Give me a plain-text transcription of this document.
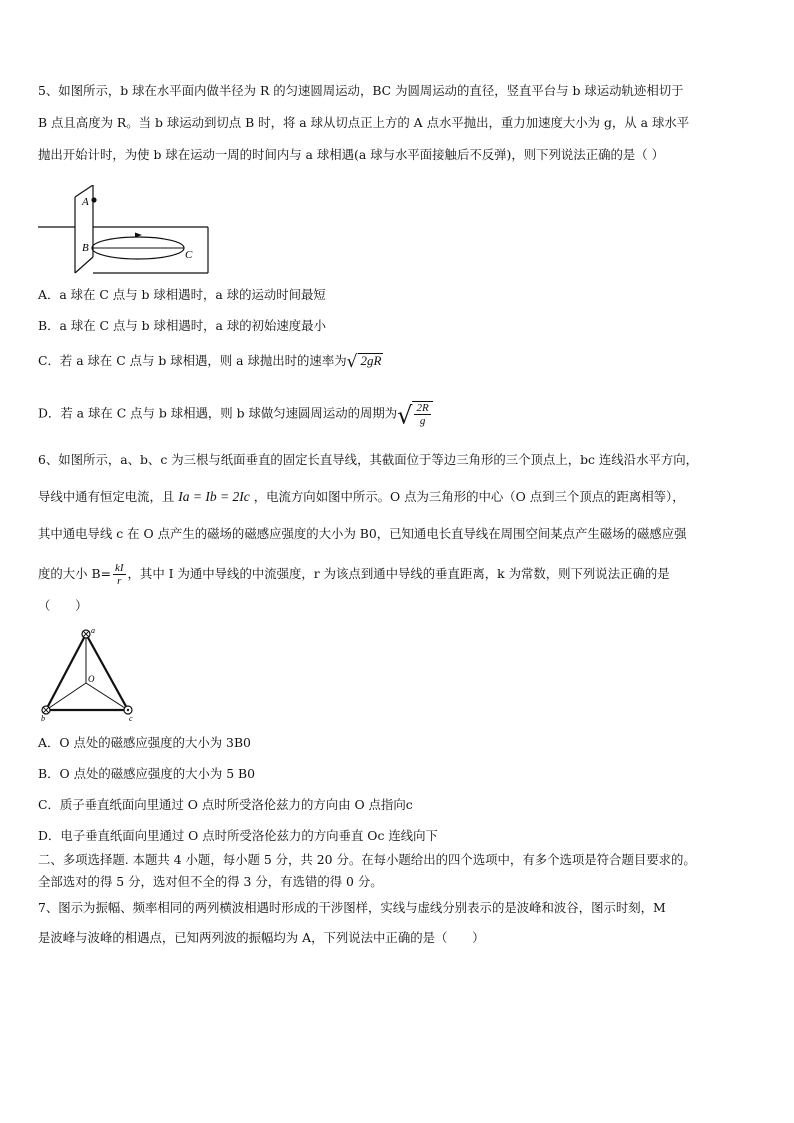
5、如图所示，b 球在水平面内做半径为 R 的匀速圆周运动，BC 为圆周运动的直径，竖直平台与 b 球运动轨迹相切于
B 点且高度为 R。当 b 球运动到切点 B 时，将 a 球从切点正上方的 A 点水平抛出，重力加速度大小为 g，从 a 球水平
抛出开始计时，为使 b 球在运动一周的时间内与 a 球相遇(a 球与水平面接触后不反弹)，则下列说法正确的是（ ）
A
B
C
A．a 球在 C 点与 b 球相遇时，a 球的运动时间最短
B．a 球在 C 点与 b 球相遇时，a 球的初始速度最小
C．若 a 球在 C 点与 b 球相遇，则 a 球抛出时的速率为√ 2gR
D．若 a 球在 C 点与 b 球相遇，则 b 球做匀速圆周运动的周期为√ $\frac{2R}{g}$
6、如图所示，a、b、c 为三根与纸面垂直的固定长直导线，其截面位于等边三角形的三个顶点上，bc 连线沿水平方向，
导线中通有恒定电流，且 Ia = Ib = 2Ic ，电流方向如图中所示。O 点为三角形的中心（O 点到三个顶点的距离相等），
其中通电导线 c 在 O 点产生的磁场的磁感应强度的大小为 B0，已知通电长直导线在周围空间某点产生磁场的磁感应强
度的大小 $B= \frac{kI}{r}$ ，其中 I 为通中导线的中流强度，r 为该点到通中导线的垂直距离，k 为常数，则下列说法正确的是
（　　）
a
b	c
O
A．O 点处的磁感应强度的大小为 3B0
B．O 点处的磁感应强度的大小为 5 B0
C．质子垂直纸面向里通过 O 点时所受洛伦兹力的方向由 O 点指向c
D．电子垂直纸面向里通过 O 点时所受洛伦兹力的方向垂直 Oc 连线向下
二、多项选择题. 本题共 4 小题，每小题 5 分，共 20 分。在每小题给出的四个选项中，有多个选项是符合题目要求的。
全部选对的得 5 分，选对但不全的得 3 分，有选错的得 0 分。
7、图示为振幅、频率相同的两列横波相遇时形成的干涉图样，实线与虚线分别表示的是波峰和波谷，图示时刻，M
是波峰与波峰的相遇点，已知两列波的振幅均为 A，下列说法中正确的是（　　）
